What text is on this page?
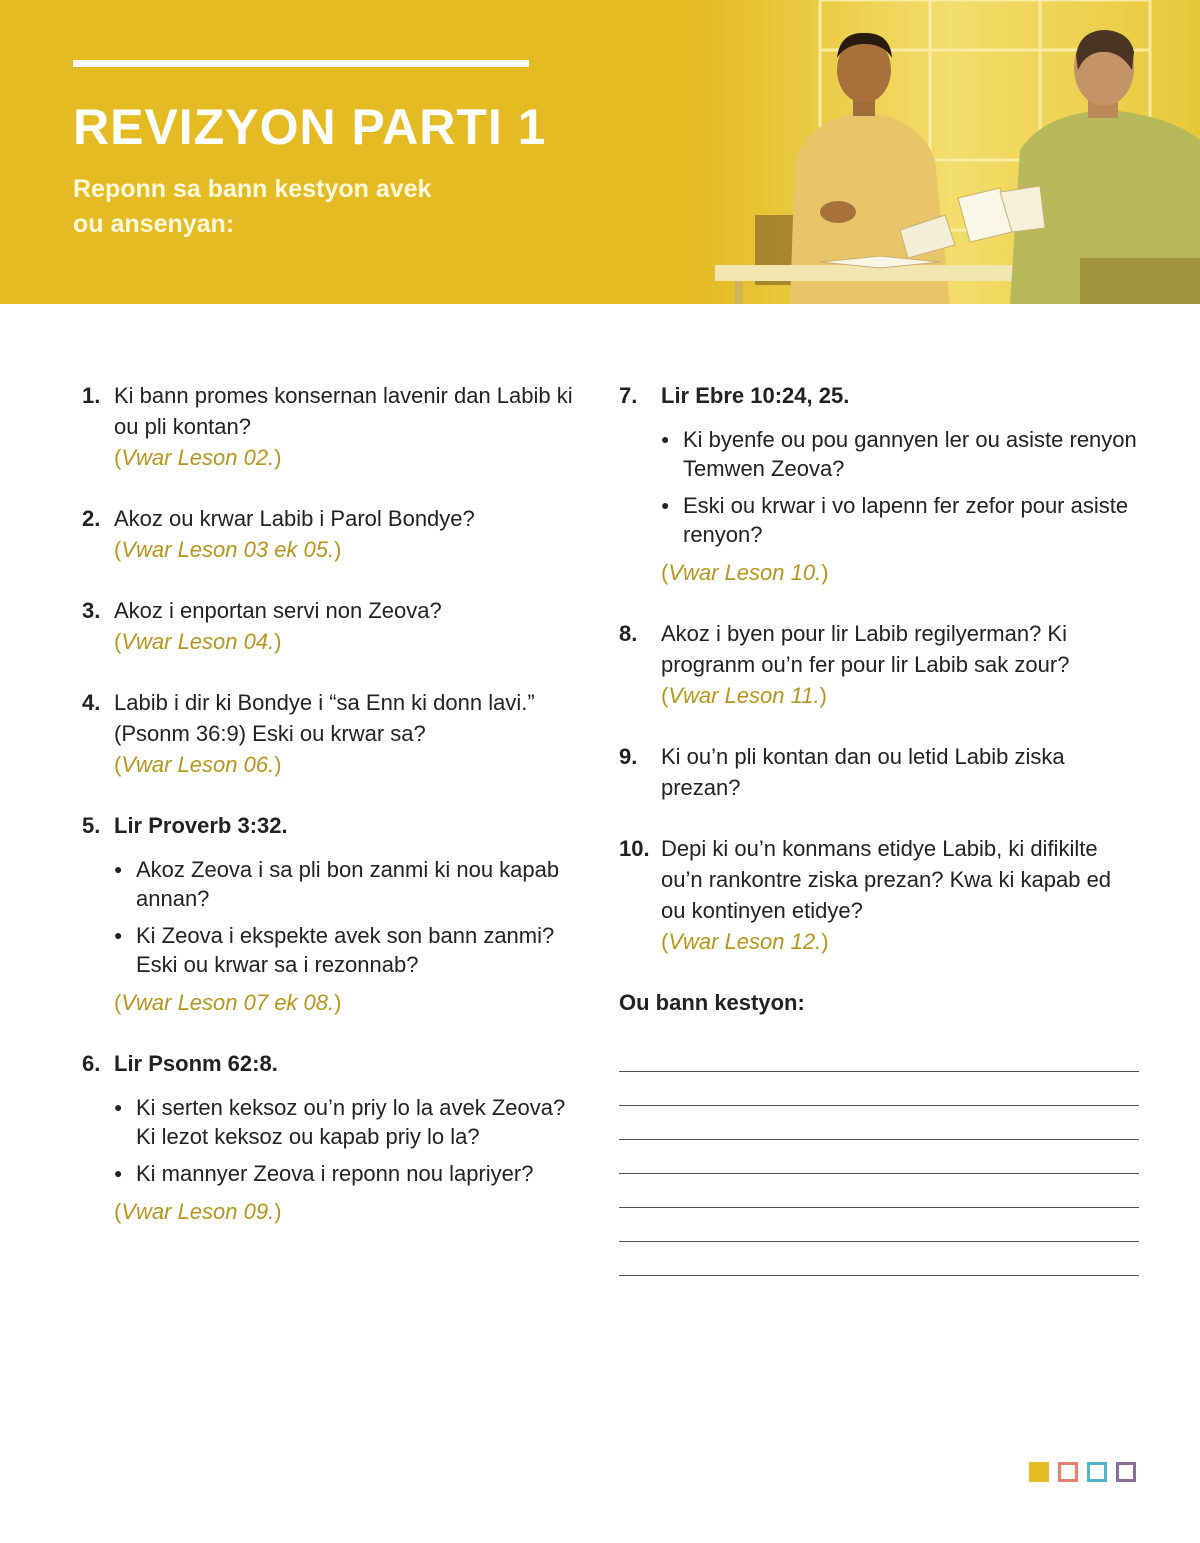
REVIZYON PARTI 1
Reponn sa bann kestyon avek ou ansenyan:
1. Ki bann promes konsernan lavenir dan Labib ki ou pli kontan?
(Vwar Leson 02.)
2. Akoz ou krwar Labib i Parol Bondye?
(Vwar Leson 03 ek 05.)
3. Akoz i enportan servi non Zeova?
(Vwar Leson 04.)
4. Labib i dir ki Bondye i “sa Enn ki donn lavi.” (Psonm 36:9) Eski ou krwar sa?
(Vwar Leson 06.)
5. Lir Proverb 3:32.
● Akoz Zeova i sa pli bon zanmi ki nou kapab annan?
● Ki Zeova i ekspekte avek son bann zanmi? Eski ou krwar sa i rezonnab?
(Vwar Leson 07 ek 08.)
6. Lir Psonm 62:8.
● Ki serten keksoz ou’n priy lo la avek Zeova? Ki lezot keksoz ou kapab priy lo la?
● Ki mannyer Zeova i reponn nou lapriyer?
(Vwar Leson 09.)
7.	Lir Ebre 10:24, 25.
● Ki byenfe ou pou gannyen ler ou asiste renyon Temwen Zeova?
● Eski ou krwar i vo lapenn fer zefor pour asiste renyon?
(Vwar Leson 10.)
8.	Akoz i byen pour lir Labib regilyerman? Ki progranm ou’n fer pour lir Labib sak zour?
(Vwar Leson 11.)
9.	Ki ou’n pli kontan dan ou letid Labib ziska prezan?
10. Depi ki ou’n konmans etidye Labib, ki difikilte ou’n rankontre ziska prezan? Kwa ki kapab ed ou kontinyen etidye?
(Vwar Leson 12.)
Ou bann kestyon:
